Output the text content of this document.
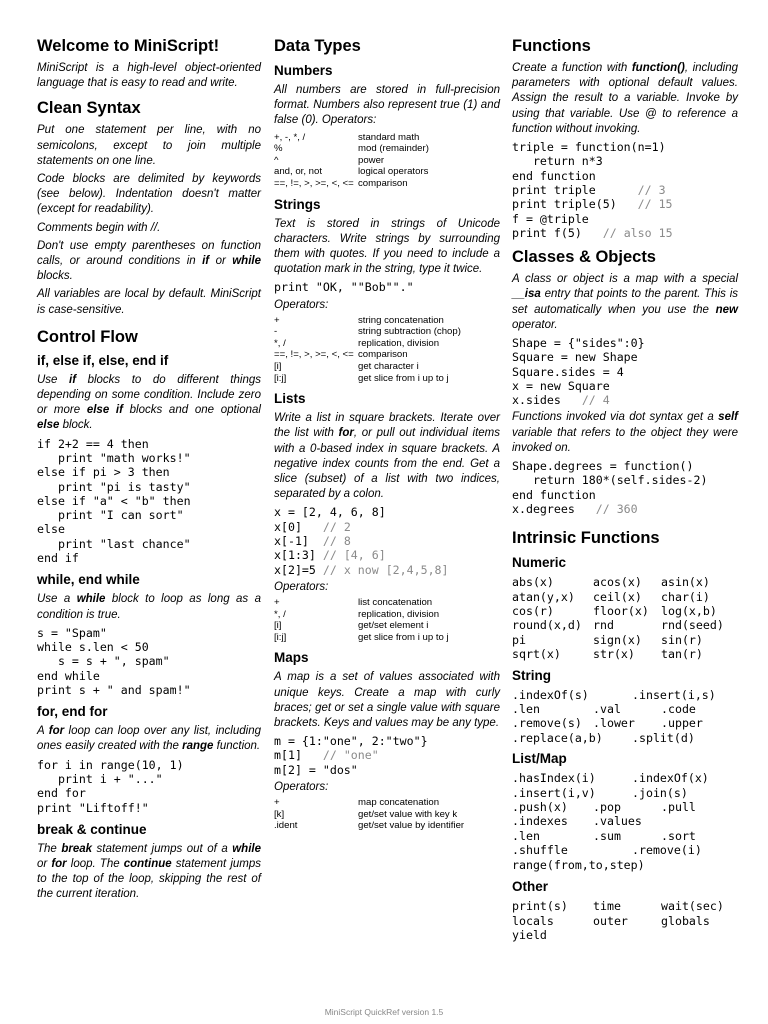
Welcome to MiniScript!

MiniScript is a high-level object-oriented language that is easy to read and write.

Clean Syntax

Put one statement per line, with no semicolons, except to join multiple statements on one line.

Code blocks are delimited by keywords (see below). Indentation doesn't matter (except for readability).

Comments begin with //.

Don't use empty parentheses on function calls, or around conditions in if or while blocks.

All variables are local by default. MiniScript is case-sensitive.

Control Flow
if, else if, else, end if

Use if blocks to do different things depending on some condition. Include zero or more else if blocks and one optional else block.

if 2+2 == 4 then
print "math works!"
else if pi > 3 then
print "pi is tasty"
else if "a" < "b" then
print "I can sort"
else
print "last chance"
end if
while, end while

Use a while block to loop as long as a condition is true.

s = "Spam"
while s.len < 50
s = s + ", spam"
end while
print s + " and spam!"
for, end for

A for loop can loop over any list, including ones easily created with the range function.

for i in range(10, 1)
print i + "..."
end for
print "Liftoff!"
break & continue

The break statement jumps out of a while or for loop. The continue statement jumps to the top of the loop, skipping the rest of the current iteration.

Data Types
Numbers

All numbers are stored in full-precision format. Numbers also represent true (1) and false (0). Operators:

+, -, *, /	standard math
%	mod (remainder)
^	power
and, or, not	logical operators
==, !=, >, >=, <, <=	comparison
Strings

Text is stored in strings of Unicode characters. Write strings by surrounding them with quotes. If you need to include a quotation mark in the string, type it twice.

print "OK, ""Bob""."

Operators:

+	string concatenation
-	string subtraction (chop)
*, /	replication, division
==, !=, >, >=, <, <=	comparison
[i]	get character i
[i:j]	get slice from i up to j
Lists

Write a list in square brackets. Iterate over the list with for, or pull out individual items with a 0-based index in square brackets. A negative index counts from the end. Get a slice (subset) of a list with two indices, separated by a colon.

x = [2, 4, 6, 8]
x[0]   // 2
x[-1]  // 8
x[1:3] // [4, 6]
x[2]=5 // x now [2,4,5,8]

Operators:

+	list concatenation
*, /	replication, division
[i]	get/set element i
[i:j]	get slice from i up to j
Maps

A map is a set of values associated with unique keys. Create a map with curly braces; get or set a single value with square brackets. Keys and values may be any type.

m = {1:"one", 2:"two"}
m[1]   // "one"
m[2] = "dos"

Operators:

+	map concatenation
[k]	get/set value with key k
.ident	get/set value by identifier
Functions

Create a function with function(), including parameters with optional default values. Assign the result to a variable. Invoke by using that variable. Use @ to reference a function without invoking.

triple = function(n=1)
return n*3
end function
print triple      // 3
print triple(5)   // 15
f = @triple
print f(5)   // also 15
Classes & Objects

A class or object is a map with a special __isa entry that points to the parent. This is set automatically when you use the new operator.

Shape = {"sides":0}
Square = new Shape
Square.sides = 4
x = new Square
x.sides   // 4

Functions invoked via dot syntax get a self variable that refers to the object they were invoked on.

Shape.degrees = function()
return 180*(self.sides-2)
end function
x.degrees   // 360
Intrinsic Functions
Numeric
abs(x)	acos(x)	asin(x)
atan(y,x)	ceil(x)	char(i)
cos(r)	floor(x)	log(x,b)
round(x,d) rnd	rnd(seed)
pi	sign(x)	sin(r)
sqrt(x)	str(x)	tan(r)
String
.indexOf(s)	.insert(i,s)
.len	.val	.code
.remove(s) .lower	.upper
.replace(a,b)	.split(d)
List/Map
.hasIndex(i)	.indexOf(x)
.insert(i,v)	.join(s)
.push(x)	.pop	.pull
.indexes	.values
.len	.sum	.sort
.shuffle	.remove(i)
range(from,to,step)
Other
print(s)	time	wait(sec)
locals	outer	globals
yield
MiniScript QuickRef version 1.5
